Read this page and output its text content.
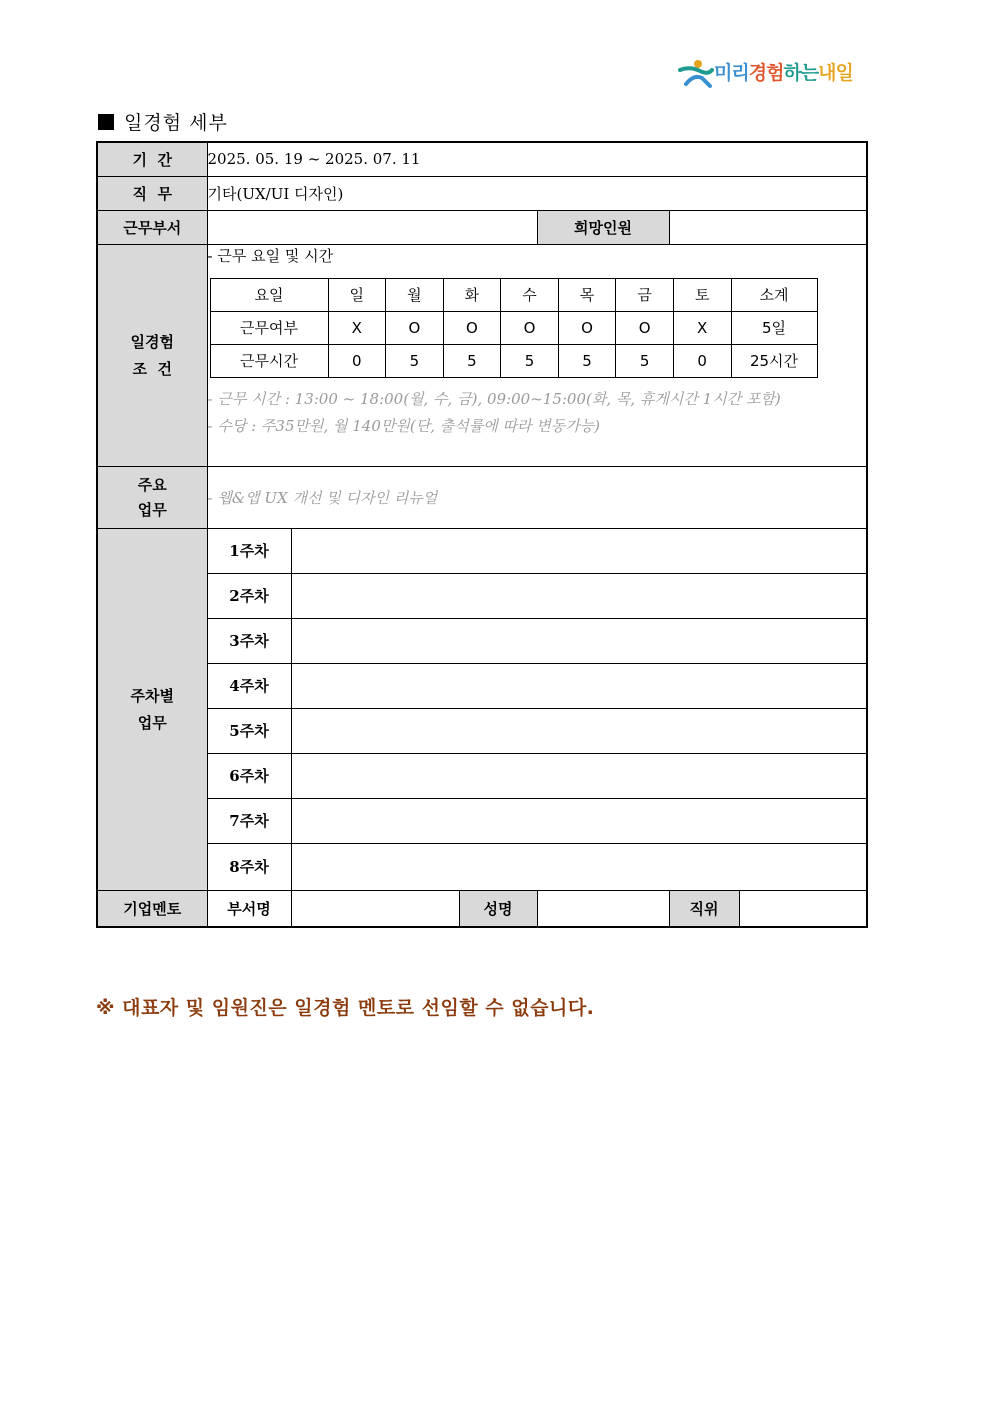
미리경험하는내일
일경험 세부
기  간	2025. 05. 19 ~ 2025. 07. 11
직  무	기타(UX/UI 디자인)
근무부서		희망인원	

일경험
조  건

- 근무 요일 및 시간
요일	일	월	화	수	목	금	토	소계
근무여부	X	O	O	O	O	O	X	5일
근무시간	0	5	5	5	5	5	0	25시간
- 근무 시간 : 13:00 ~ 18:00(월, 수, 금), 09:00~15:00(화, 목, 휴게시간 1시간 포함)
- 수당 : 주35만원, 월 140만원(단, 출석률에 따라 변동가능)

주요
업무
	- 웹&앱 UX 개선 및 디자인 리뉴얼

주차별
업무
	1주차	
2주차	
3주차	
4주차	
5주차	
6주차	
7주차	
8주차	
기업멘토	부서명		성명		직위	
※ 대표자 및 임원진은 일경험 멘토로 선임할 수 없습니다.
